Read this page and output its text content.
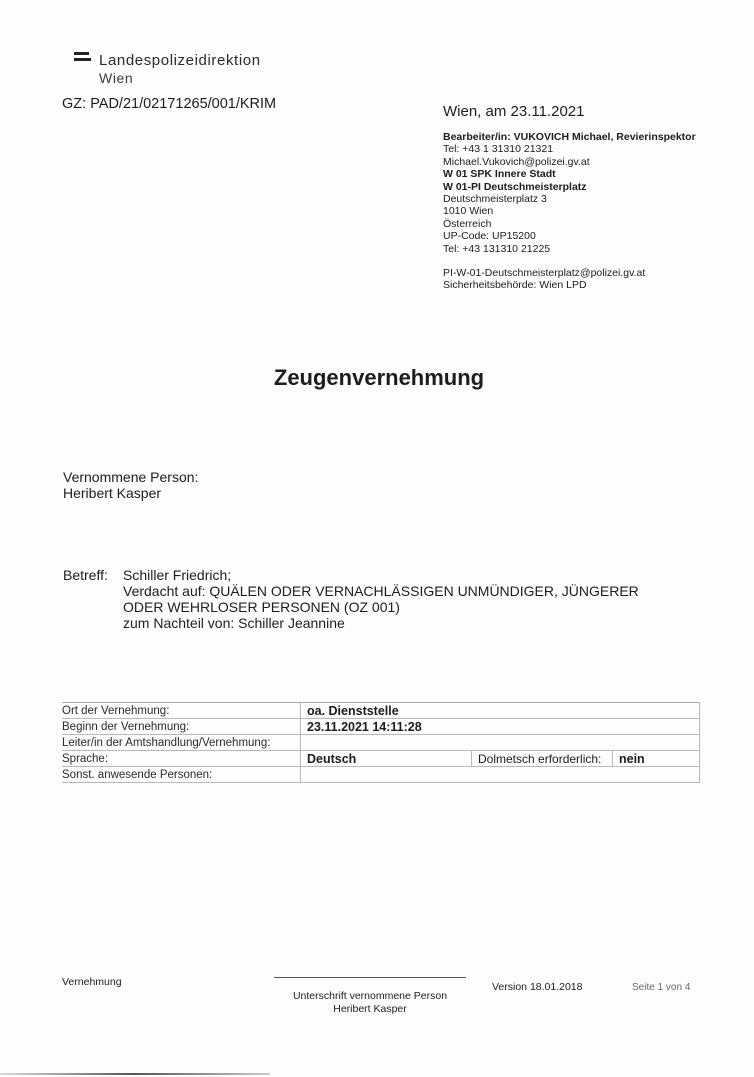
Landespolizeidirektion
Wien
GZ: PAD/21/02171265/001/KRIM	Wien, am 23.11.2021
Bearbeiter/in: VUKOVICH Michael, Revierinspektor
Tel: +43 1 31310 21321
Michael.Vukovich@polizei.gv.at
W 01 SPK Innere Stadt
W 01-PI Deutschmeisterplatz
Deutschmeisterplatz 3
1010 Wien
Österreich
UP-Code: UP15200
Tel: +43 131310 21225
PI-W-01-Deutschmeisterplatz@polizei.gv.at
Sicherheitsbehörde: Wien LPD
Zeugenvernehmung
Vernommene Person:
Heribert Kasper
Betreff: Schiller Friedrich;
Verdacht auf: QUÄLEN ODER VERNACHLÄSSIGEN UNMÜNDIGER, JÜNGERER
ODER WEHRLOSER PERSONEN (OZ 001)
zum Nachteil von: Schiller Jeannine
Ort der Vernehmung:	oa. Dienststelle		
Beginn der Vernehmung:	23.11.2021 14:11:28		
Leiter/in der Amtshandlung/Vernehmung:			
Sprache:	Deutsch	Dolmetsch erforderlich:	nein
Sonst. anwesende Personen:			
Vernehmung
Unterschrift vernommene Person
Heribert Kasper
Version 18.01.2018	Seite 1 von 4
